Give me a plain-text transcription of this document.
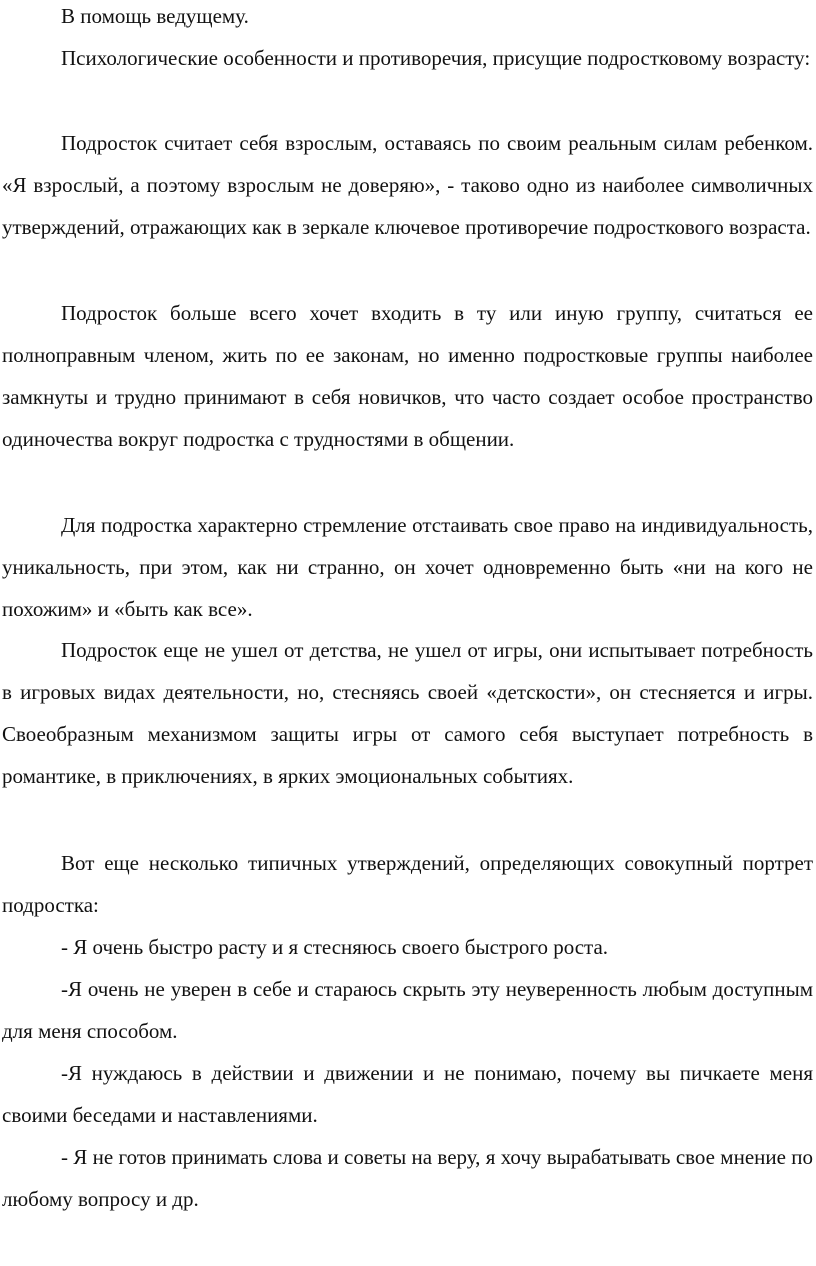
В помощь ведущему.

Психологические особенности и противоречия, присущие подростковому возрасту:

Подросток считает себя взрослым, оставаясь по своим реальным силам ребенком. «Я взрослый, а поэтому взрослым не доверяю», - таково одно из наиболее символичных утверждений, отражающих как в зеркале ключевое противоречие подросткового возраста.

Подросток больше всего хочет входить в ту или иную группу, считаться ее полноправным членом, жить по ее законам, но именно подростковые группы наиболее замкнуты и трудно принимают в себя новичков, что часто создает особое пространство одиночества вокруг подростка с трудностями в общении.

Для подростка характерно стремление отстаивать свое право на индивидуальность, уникальность, при этом, как ни странно, он хочет одновременно быть «ни на кого не похожим» и «быть как все».

Подросток еще не ушел от детства, не ушел от игры, они испытывает потребность в игровых видах деятельности, но, стесняясь своей «детскости», он стесняется и игры. Своеобразным механизмом защиты игры от самого себя выступает потребность в романтике, в приключениях, в ярких эмоциональных событиях.

Вот еще несколько типичных утверждений, определяющих совокупный портрет подростка:

- Я очень быстро расту и я стесняюсь своего быстрого роста.

-Я очень не уверен в себе и стараюсь скрыть эту неуверенность любым доступным для меня способом.

-Я нуждаюсь в действии и движении и не понимаю, почему вы пичкаете меня своими беседами и наставлениями.

- Я не готов принимать слова и советы на веру, я хочу вырабатывать свое мнение по любому вопросу и др.
